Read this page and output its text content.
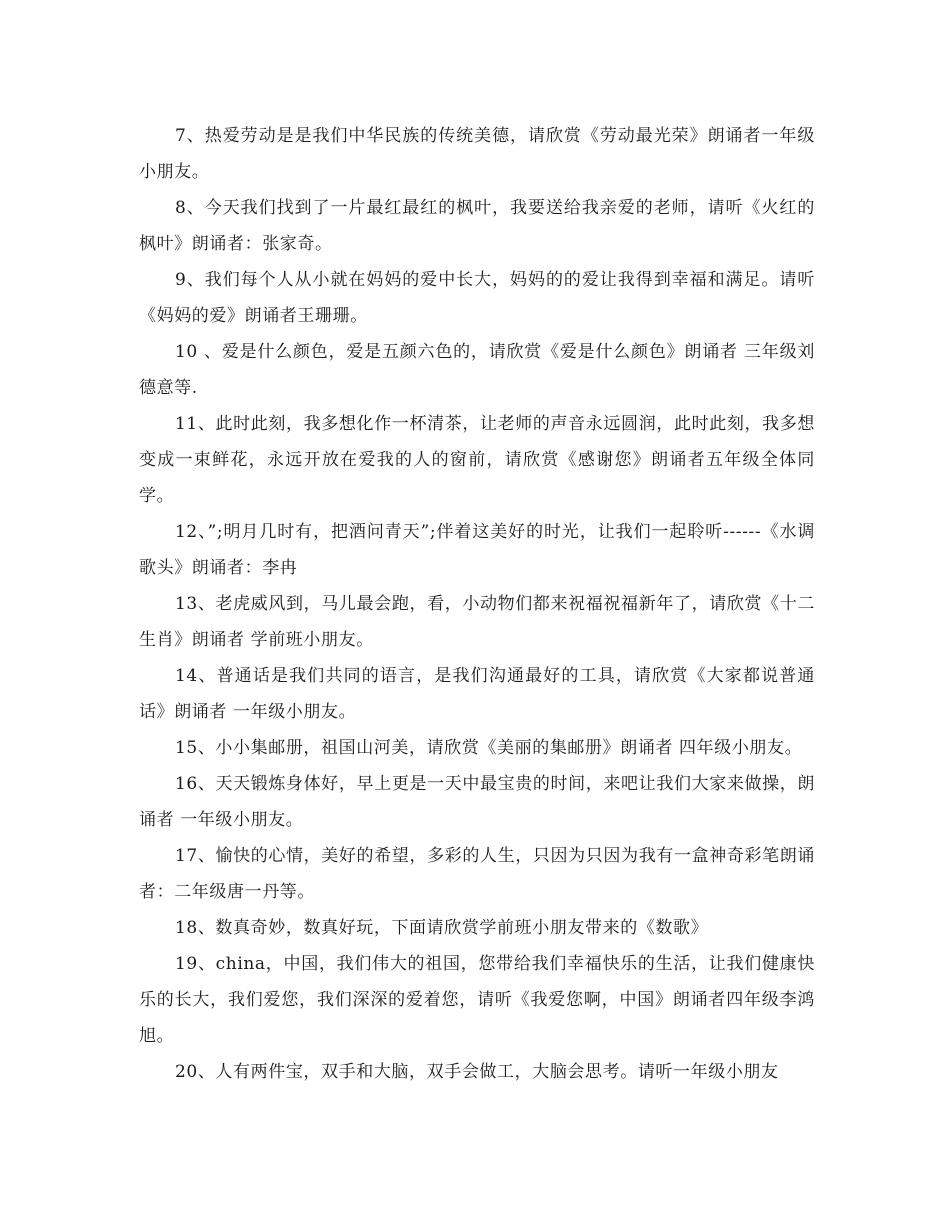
7、热爱劳动是是我们中华民族的传统美德，请欣赏《劳动最光荣》朗诵者一年级小朋友。

8、今天我们找到了一片最红最红的枫叶，我要送给我亲爱的老师，请听《火红的枫叶》朗诵者：张家奇。

9、我们每个人从小就在妈妈的爱中长大，妈妈的的爱让我得到幸福和满足。请听《妈妈的爱》朗诵者王珊珊。

10 、爱是什么颜色，爱是五颜六色的，请欣赏《爱是什么颜色》朗诵者 三年级刘德意等.

11、此时此刻，我多想化作一杯清茶，让老师的声音永远圆润，此时此刻，我多想变成一束鲜花，永远开放在爱我的人的窗前，请欣赏《感谢您》朗诵者五年级全体同学。

12、”;明月几时有，把酒问青天”;伴着这美好的时光，让我们一起聆听------《水调歌头》朗诵者：李冉

13、老虎威风到，马儿最会跑，看，小动物们都来祝福祝福新年了，请欣赏《十二生肖》朗诵者 学前班小朋友。

14、普通话是我们共同的语言，是我们沟通最好的工具，请欣赏《大家都说普通话》朗诵者 一年级小朋友。

15、小小集邮册，祖国山河美，请欣赏《美丽的集邮册》朗诵者 四年级小朋友。

16、天天锻炼身体好，早上更是一天中最宝贵的时间，来吧让我们大家来做操，朗诵者 一年级小朋友。

17、愉快的心情，美好的希望，多彩的人生，只因为只因为我有一盒神奇彩笔朗诵者：二年级唐一丹等。

18、数真奇妙，数真好玩，下面请欣赏学前班小朋友带来的《数歌》

19、china，中国，我们伟大的祖国，您带给我们幸福快乐的生活，让我们健康快乐的长大，我们爱您，我们深深的爱着您，请听《我爱您啊，中国》朗诵者四年级李鸿旭。

20、人有两件宝，双手和大脑，双手会做工，大脑会思考。请听一年级小朋友
